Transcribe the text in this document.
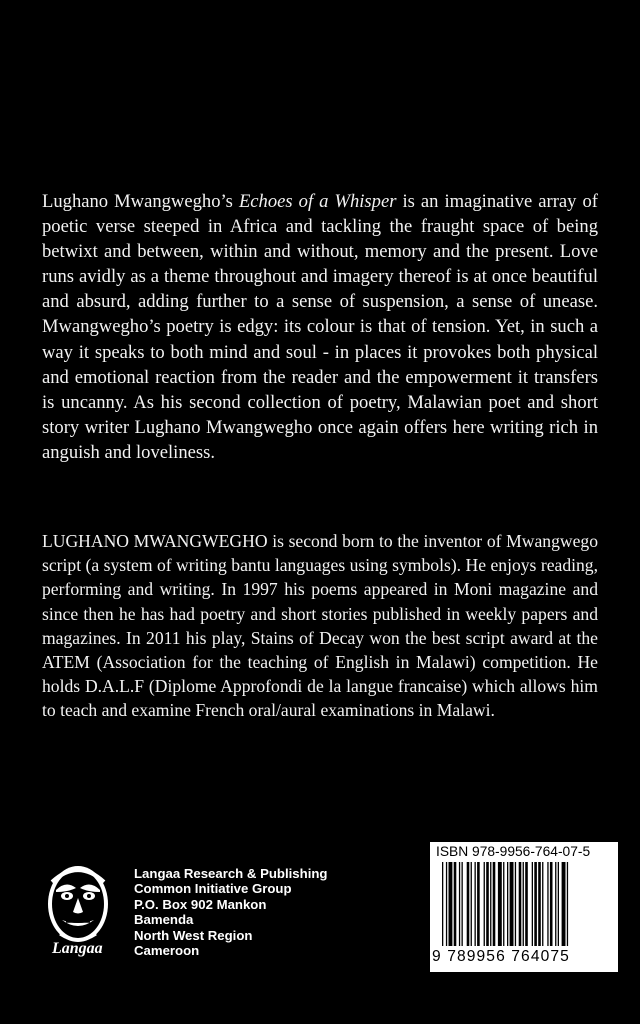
Lughano Mwangwegho’s Echoes of a Whisper is an imaginative array of poetic verse steeped in Africa and tackling the fraught space of being betwixt and between, within and without, memory and the present. Love runs avidly as a theme throughout and imagery thereof is at once beautiful and absurd, adding further to a sense of suspension, a sense of unease. Mwangwegho’s poetry is edgy: its colour is that of tension. Yet, in such a way it speaks to both mind and soul - in places it provokes both physical and emotional reaction from the reader and the empowerment it transfers is uncanny. As his second collection of poetry, Malawian poet and short story writer Lughano Mwangwegho once again offers here writing rich in anguish and loveliness.

LUGHANO MWANGWEGHO is second born to the inventor of Mwangwego script (a system of writing bantu languages using symbols). He enjoys reading, performing and writing. In 1997 his poems appeared in Moni magazine and since then he has had poetry and short stories published in weekly papers and magazines. In 2011 his play, Stains of Decay won the best script award at the ATEM (Association for the teaching of English in Malawi) competition. He holds D.A.L.F (Diplome Approfondi de la langue francaise) which allows him to teach and examine French oral/aural examinations in Malawi.

Langaa
Langaa Research & Publishing
Common Initiative Group
P.O. Box 902 Mankon
Bamenda
North West Region
Cameroon
ISBN 978-9956-764-07-5
9 789956 764075
